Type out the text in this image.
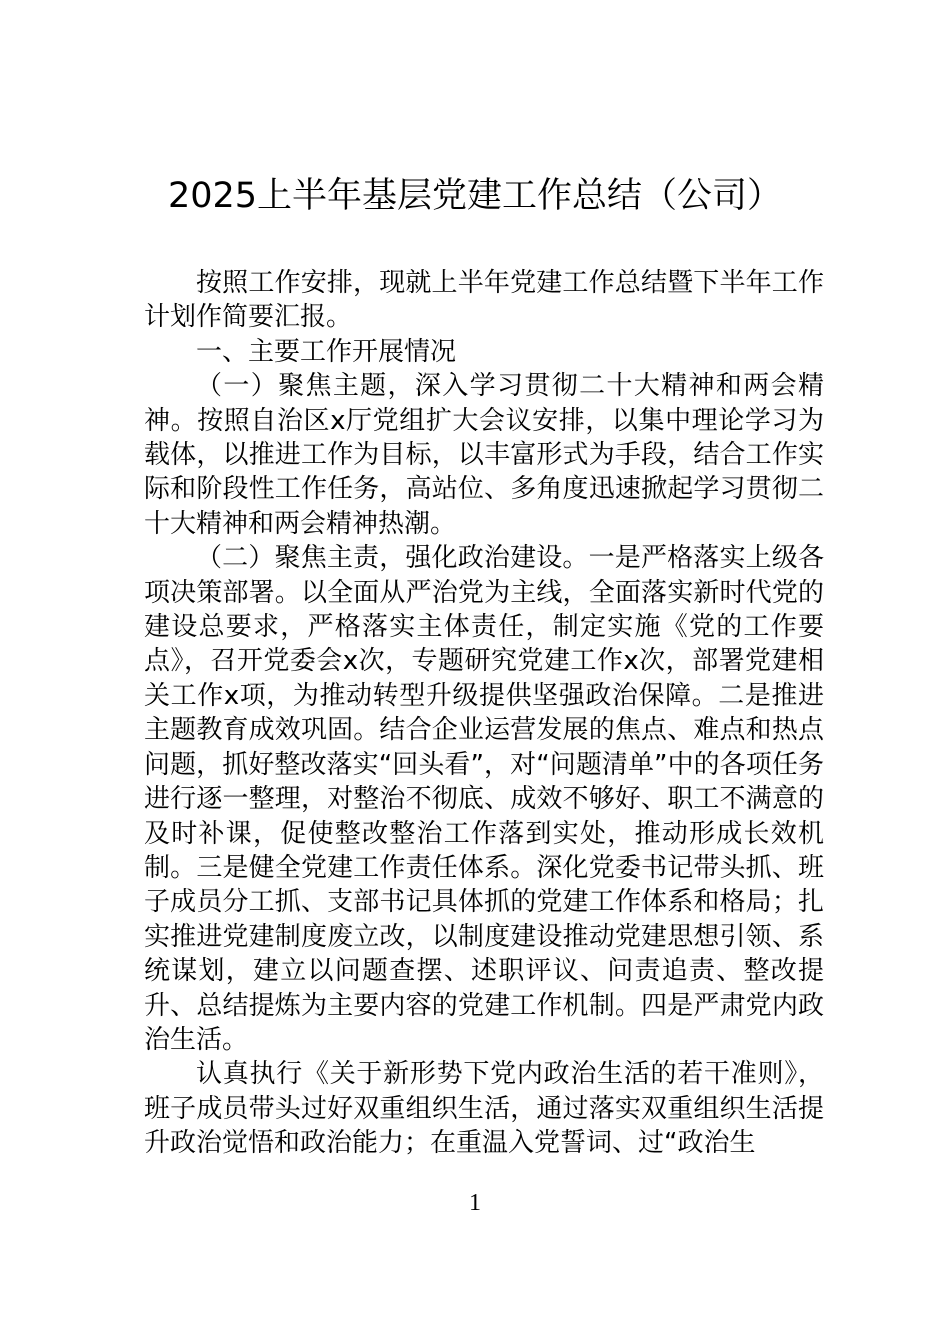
2025上半年基层党建工作总结（公司）

按照工作安排，现就上半年党建工作总结暨下半年工作计划作简要汇报。

一、主要工作开展情况

（一）聚焦主题，深入学习贯彻二十大精神和两会精神。按照自治区x厅党组扩大会议安排，以集中理论学习为载体，以推进工作为目标，以丰富形式为手段，结合工作实际和阶段性工作任务，高站位、多角度迅速掀起学习贯彻二十大精神和两会精神热潮。

（二）聚焦主责，强化政治建设。一是严格落实上级各项决策部署。以全面从严治党为主线，全面落实新时代党的建设总要求，严格落实主体责任，制定实施《党的工作要点》，召开党委会x次，专题研究党建工作x次，部署党建相关工作x项，为推动转型升级提供坚强政治保障。二是推进主题教育成效巩固。结合企业运营发展的焦点、难点和热点问题，抓好整改落实“回头看”，对“问题清单”中的各项任务进行逐一整理，对整治不彻底、成效不够好、职工不满意的及时补课，促使整改整治工作落到实处，推动形成长效机制。三是健全党建工作责任体系。深化党委书记带头抓、班子成员分工抓、支部书记具体抓的党建工作体系和格局；扎实推进党建制度废立改，以制度建设推动党建思想引领、系统谋划，建立以问题查摆、述职评议、问责追责、整改提升、总结提炼为主要内容的党建工作机制。四是严肃党内政治生活。

认真执行《关于新形势下党内政治生活的若干准则》，班子成员带头过好双重组织生活，通过落实双重组织生活提升政治觉悟和政治能力；在重温入党誓词、过“政治生

1
